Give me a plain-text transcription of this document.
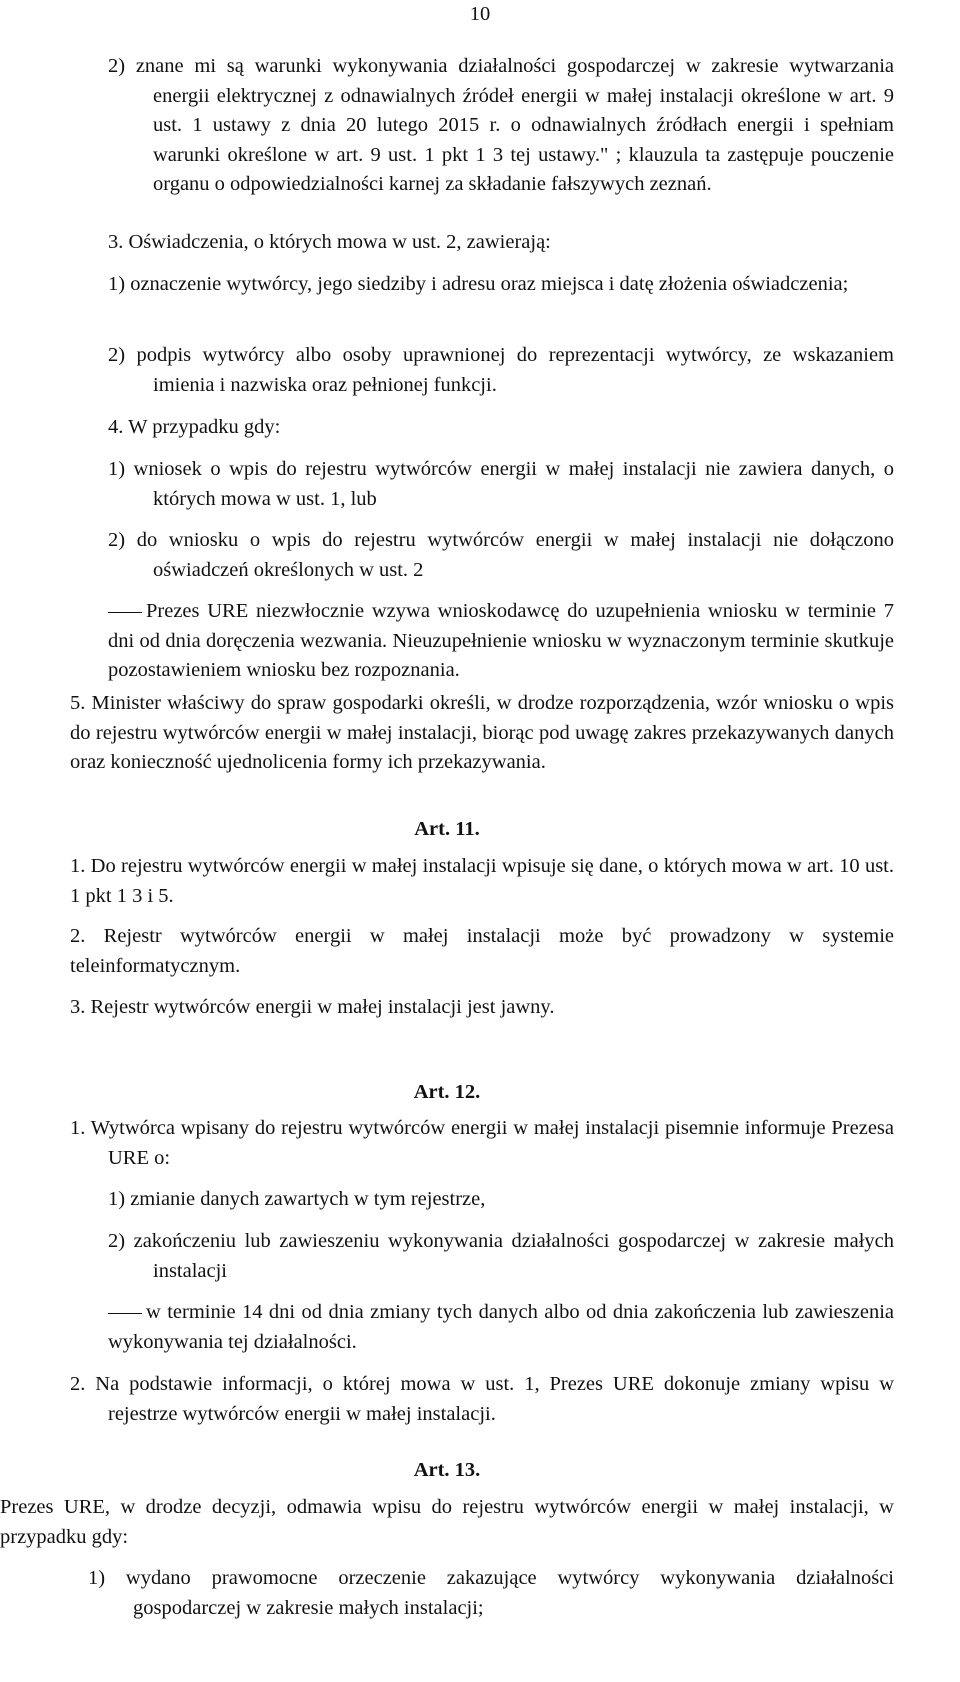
10

2) znane mi są warunki wykonywania działalności gospodarczej w zakresie wytwarzania energii elektrycznej z odnawialnych źródeł energii w małej instalacji określone w art. 9 ust. 1 ustawy z dnia 20 lutego 2015 r. o odnawialnych źródłach energii i spełniam warunki określone w art. 9 ust. 1 pkt 1 3 tej ustawy." ; klauzula ta zastępuje pouczenie organu o odpowiedzialności karnej za składanie fałszywych zeznań.

3. Oświadczenia, o których mowa w ust. 2, zawierają:

1) oznaczenie wytwórcy, jego siedziby i adresu oraz miejsca i datę złożenia oświadczenia;

2) podpis wytwórcy albo osoby uprawnionej do reprezentacji wytwórcy, ze wskazaniem imienia i nazwiska oraz pełnionej funkcji.

4. W przypadku gdy:

1) wniosek o wpis do rejestru wytwórców energii w małej instalacji nie zawiera danych, o których mowa w ust. 1, lub

2) do wniosku o wpis do rejestru wytwórców energii w małej instalacji nie dołączono oświadczeń określonych w ust. 2

Prezes URE niezwłocznie wzywa wnioskodawcę do uzupełnienia wniosku w terminie 7 dni od dnia doręczenia wezwania. Nieuzupełnienie wniosku w wyznaczonym terminie skutkuje pozostawieniem wniosku bez rozpoznania.

5. Minister właściwy do spraw gospodarki określi, w drodze rozporządzenia, wzór wniosku o wpis do rejestru wytwórców energii w małej instalacji, biorąc pod uwagę zakres przekazywanych danych oraz konieczność ujednolicenia formy ich przekazywania.

Art. 11.

1. Do rejestru wytwórców energii w małej instalacji wpisuje się dane, o których mowa w art. 10 ust. 1 pkt 1 3 i 5.

2. Rejestr wytwórców energii w małej instalacji może być prowadzony w systemie teleinformatycznym.

3. Rejestr wytwórców energii w małej instalacji jest jawny.

Art. 12.

1. Wytwórca wpisany do rejestru wytwórców energii w małej instalacji pisemnie informuje Prezesa URE o:

1) zmianie danych zawartych w tym rejestrze,

2) zakończeniu lub zawieszeniu wykonywania działalności gospodarczej w zakresie małych instalacji

w terminie 14 dni od dnia zmiany tych danych albo od dnia zakończenia lub zawieszenia wykonywania tej działalności.

2. Na podstawie informacji, o której mowa w ust. 1, Prezes URE dokonuje zmiany wpisu w rejestrze wytwórców energii w małej instalacji.

Art. 13.

Prezes URE, w drodze decyzji, odmawia wpisu do rejestru wytwórców energii w małej instalacji, w przypadku gdy:

1) wydano prawomocne orzeczenie zakazujące wytwórcy wykonywania działalności gospodarczej w zakresie małych instalacji;
